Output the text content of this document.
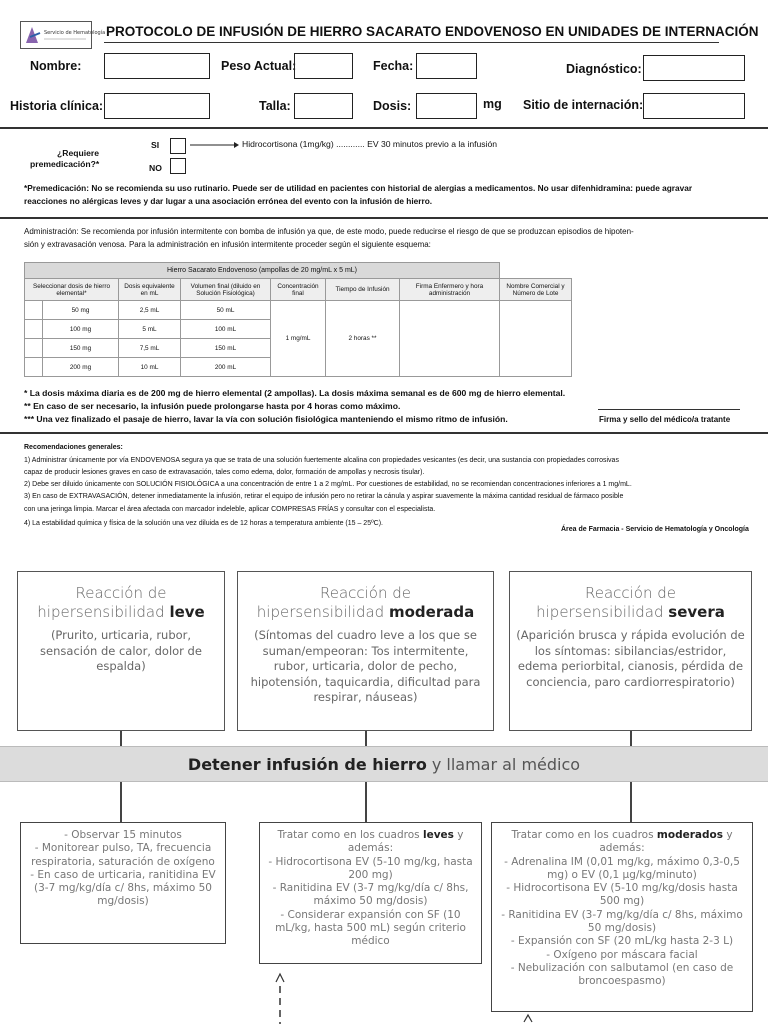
Servicio de Hematología PROTOCOLO DE INFUSIÓN DE HIERRO SACARATO ENDOVENOSO EN UNIDADES DE INTERNACIÓN
Nombre:	Peso Actual:	Fecha:	Diagnóstico:
Historia clínica:	Talla:	Dosis:	mg Sitio de internación:
¿Requiere
premedicación?*
SI
NO
Hidrocortisona (1mg/kg) ............ EV 30 minutos previo a la infusión
*Premedicación: No se recomienda su uso rutinario. Puede ser de utilidad en pacientes con historial de alergias a medicamentos. No usar difenhidramina: puede agravar
reacciones no alérgicas leves y dar lugar a una asociación errónea del evento con la infusión de hierro.
Administración: Se recomienda por infusión intermitente con bomba de infusión ya que, de este modo, puede reducirse el riesgo de que se produzcan episodios de hipoten-
sión y extravasación venosa. Para la administración en infusión intermitente proceder según el siguiente esquema:
Hierro Sacarato Endovenoso (ampollas de 20 mg/mL x 5 mL)							
Seleccionar dosis de hierro elemental*		Dosis equivalente en mL	Volumen final (diluido en Solución Fisiológica)	Concentración final	Tiempo de Infusión	Firma Enfermero y hora administración	Nombre Comercial y Número de Lote
	50 mg	2,5 mL	50 mL	1 mg/mL	2 horas **		
	100 mg	5 mL	100 mL				
	150 mg	7,5 mL	150 mL				
	200 mg	10 mL	200 mL				
* La dosis máxima diaria es de 200 mg de hierro elemental (2 ampollas). La dosis máxima semanal es de 600 mg de hierro elemental.
** En caso de ser necesario, la infusión puede prolongarse hasta por 4 horas como máximo.
*** Una vez finalizado el pasaje de hierro, lavar la vía con solución fisiológica manteniendo el mismo ritmo de infusión.	Firma y sello del médico/a tratante
Recomendaciones generales:
1) Administrar únicamente por vía ENDOVENOSA segura ya que se trata de una solución fuertemente alcalina con propiedades vesicantes (es decir, una sustancia con propiedades corrosivas
capaz de producir lesiones graves en caso de extravasación, tales como edema, dolor, formación de ampollas y necrosis tisular).
2) Debe ser diluido únicamente con SOLUCIÓN FISIOLÓGICA a una concentración de entre 1 a 2 mg/mL. Por cuestiones de estabilidad, no se recomiendan concentraciones inferiores a 1 mg/mL.
3) En caso de EXTRAVASACIÓN, detener inmediatamente la infusión, retirar el equipo de infusión pero no retirar la cánula y aspirar suavemente la máxima cantidad residual de fármaco posible
con una jeringa limpia. Marcar el área afectada con marcador indeleble, aplicar COMPRESAS FRÍAS y consultar con el especialista.
4) La estabilidad química y física de la solución una vez diluida es de 12 horas a temperatura ambiente (15 – 25ºC).
Área de Farmacia - Servicio de Hematología y Oncología
Reacción de
hipersensibilidad leve
(Prurito, urticaria, rubor, sensación de calor, dolor de espalda)
Reacción de
hipersensibilidad moderada
(Síntomas del cuadro leve a los que se suman/empeoran: Tos intermitente, rubor, urticaria, dolor de pecho, hipotensión, taquicardia, dificultad para respirar, náuseas)
Reacción de
hipersensibilidad severa
(Aparición brusca y rápida evolución de los síntomas: sibilancias/estridor, edema periorbital, cianosis, pérdida de conciencia, paro cardiorrespiratorio)
Detener infusión de hierro y llamar al médico
- Observar 15 minutos
- Monitorear pulso, TA, frecuencia respiratoria, saturación de oxígeno
- En caso de urticaria, ranitidina EV (3-7 mg/kg/día c/ 8hs, máximo 50 mg/dosis)
Tratar como en los cuadros leves y además:
- Hidrocortisona EV (5-10 mg/kg, hasta 200 mg)
- Ranitidina EV (3-7 mg/kg/día c/ 8hs, máximo 50 mg/dosis)
- Considerar expansión con SF (10 mL/kg, hasta 500 mL) según criterio médico
Tratar como en los cuadros moderados y además:
- Adrenalina IM (0,01 mg/kg, máximo 0,3-0,5 mg) o EV (0,1 µg/kg/minuto)
- Hidrocortisona EV (5-10 mg/kg/dosis hasta 500 mg)
- Ranitidina EV (3-7 mg/kg/día c/ 8hs, máximo 50 mg/dosis)
- Expansión con SF (20 mL/kg hasta 2-3 L)
- Oxígeno por máscara facial
- Nebulización con salbutamol (en caso de broncoespasmo)
